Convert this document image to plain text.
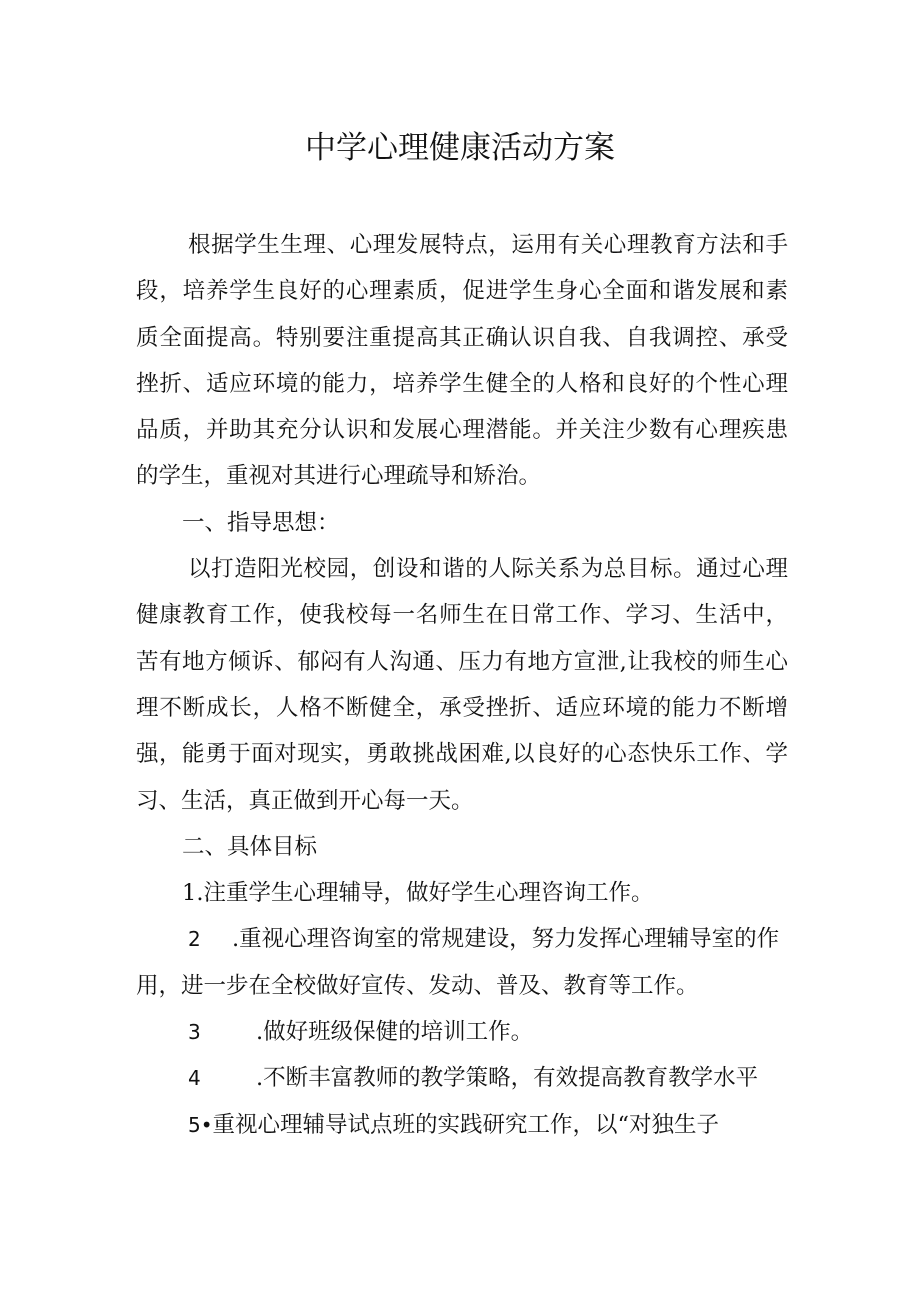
中学心理健康活动方案
根据学生生理、心理发展特点，运用有关心理教育方法和手
段，培养学生良好的心理素质，促进学生身心全面和谐发展和素
质全面提高。特别要注重提高其正确认识自我、自我调控、承受
挫折、适应环境的能力，培养学生健全的人格和良好的个性心理
品质，并助其充分认识和发展心理潜能。并关注少数有心理疾患
的学生，重视对其进行心理疏导和矫治。
一、指导思想：
以打造阳光校园，创设和谐的人际关系为总目标。通过心理
健康教育工作，使我校每一名师生在日常工作、学习、生活中，
苦有地方倾诉、郁闷有人沟通、压力有地方宣泄,让我校的师生心
理不断成长，人格不断健全，承受挫折、适应环境的能力不断增
强，能勇于面对现实，勇敢挑战困难,以良好的心态快乐工作、学
习、生活，真正做到开心每一天。
二、具体目标
1.注重学生心理辅导，做好学生心理咨询工作。
2 .重视心理咨询室的常规建设，努力发挥心理辅导室的作
用，进一步在全校做好宣传、发动、普及、教育等工作。
3 .做好班级保健的培训工作。
4 .不断丰富教师的教学策略，有效提高教育教学水平
5•重视心理辅导试点班的实践研究工作，以“对独生子
